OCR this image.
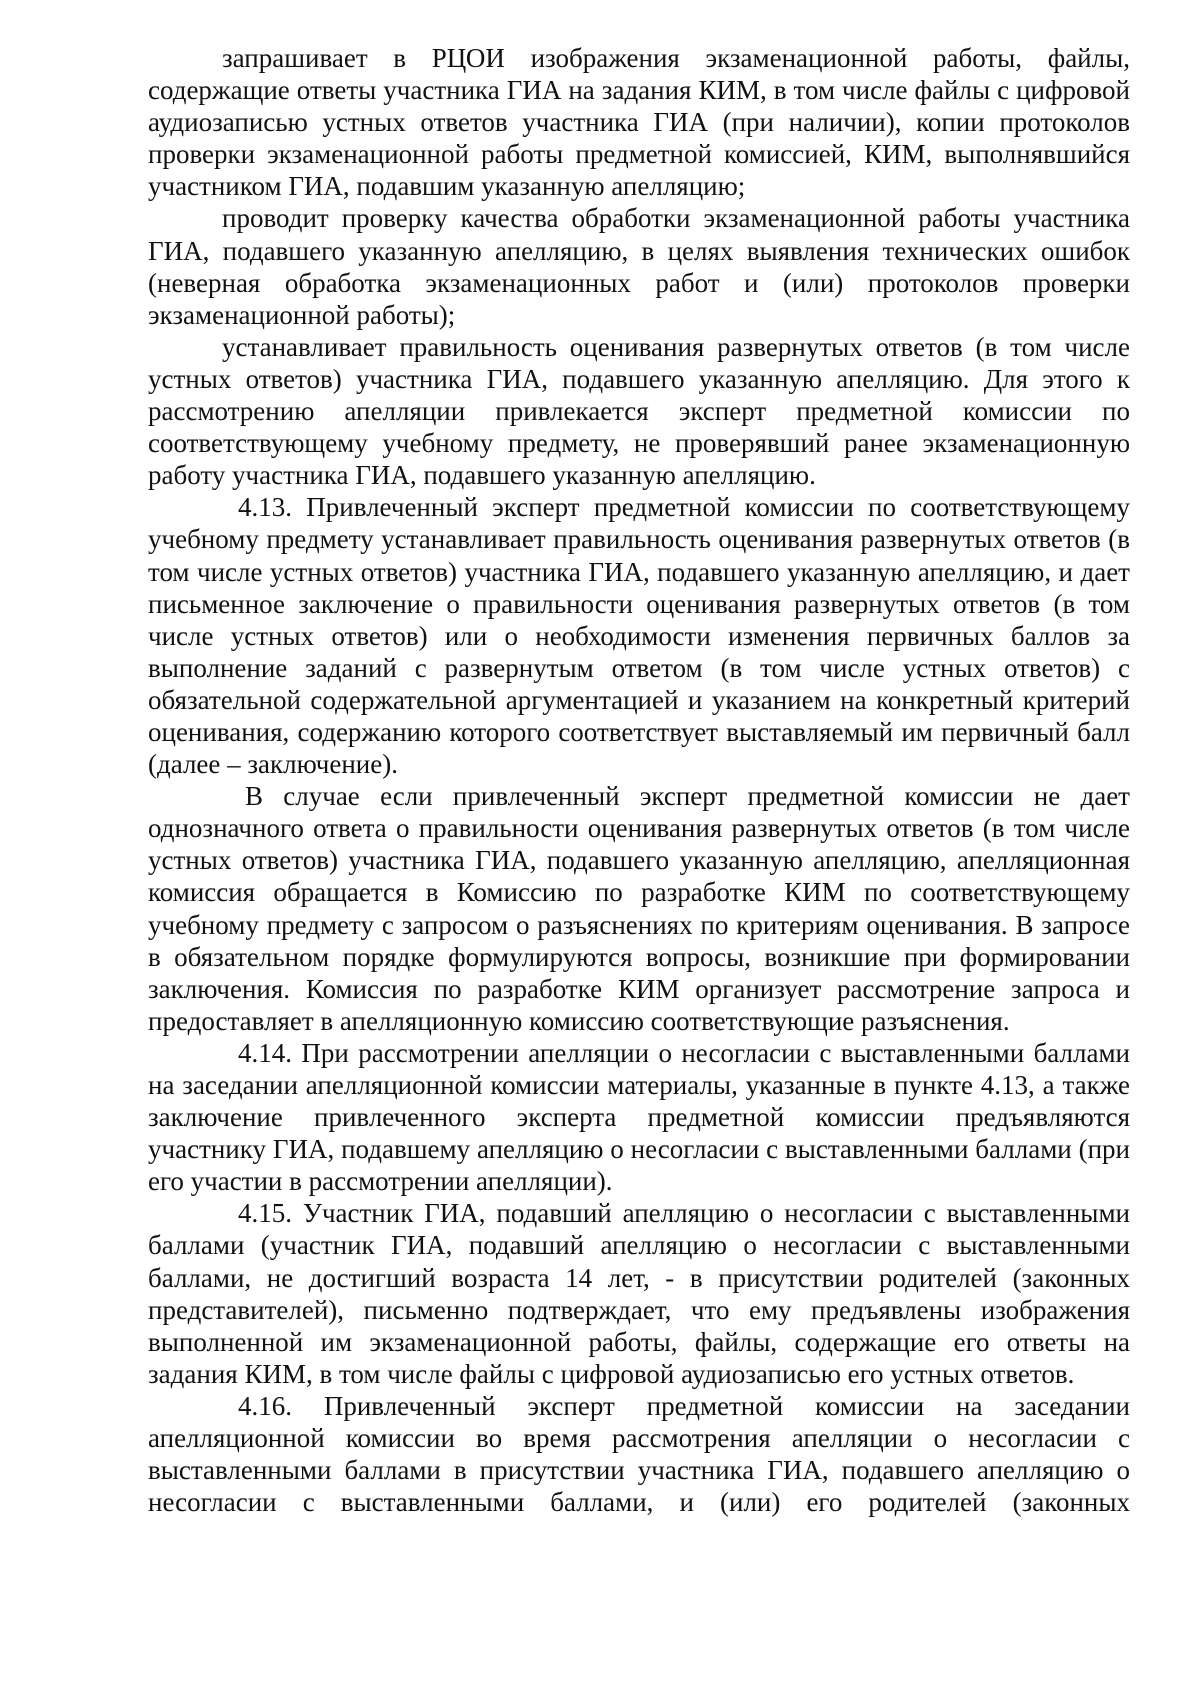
запрашивает в РЦОИ изображения экзаменационной работы, файлы, содержащие ответы участника ГИА на задания КИМ, в том числе файлы с цифровой аудиозаписью устных ответов участника ГИА (при наличии), копии протоколов проверки экзаменационной работы предметной комиссией, КИМ, выполнявшийся участником ГИА, подавшим указанную апелляцию;

проводит проверку качества обработки экзаменационной работы участника ГИА, подавшего указанную апелляцию, в целях выявления технических ошибок (неверная обработка экзаменационных работ и (или) протоколов проверки экзаменационной работы);

устанавливает правильность оценивания развернутых ответов (в том числе устных ответов) участника ГИА, подавшего указанную апелляцию. Для этого к рассмотрению апелляции привлекается эксперт предметной комиссии по соответствующему учебному предмету, не проверявший ранее экзаменационную работу участника ГИА, подавшего указанную апелляцию.

4.13. Привлеченный эксперт предметной комиссии по соответствующему учебному предмету устанавливает правильность оценивания развернутых ответов (в том числе устных ответов) участника ГИА, подавшего указанную апелляцию, и дает письменное заключение о правильности оценивания развернутых ответов (в том числе устных ответов) или о необходимости изменения первичных баллов за выполнение заданий с развернутым ответом (в том числе устных ответов) с обязательной содержательной аргументацией и указанием на конкретный критерий оценивания, содержанию которого соответствует выставляемый им первичный балл (далее – заключение).

В случае если привлеченный эксперт предметной комиссии не дает однозначного ответа о правильности оценивания развернутых ответов (в том числе устных ответов) участника ГИА, подавшего указанную апелляцию, апелляционная комиссия обращается в Комиссию по разработке КИМ по соответствующему учебному предмету с запросом о разъяснениях по критериям оценивания. В запросе в обязательном порядке формулируются вопросы, возникшие при формировании заключения. Комиссия по разработке КИМ организует рассмотрение запроса и предоставляет в апелляционную комиссию соответствующие разъяснения.

4.14. При рассмотрении апелляции о несогласии с выставленными баллами на заседании апелляционной комиссии материалы, указанные в пункте 4.13, а также заключение привлеченного эксперта предметной комиссии предъявляются участнику ГИА, подавшему апелляцию о несогласии с выставленными баллами (при его участии в рассмотрении апелляции).

4.15. Участник ГИА, подавший апелляцию о несогласии с выставленными баллами (участник ГИА, подавший апелляцию о несогласии с выставленными баллами, не достигший возраста 14 лет, - в присутствии родителей (законных представителей), письменно подтверждает, что ему предъявлены изображения выполненной им экзаменационной работы, файлы, содержащие его ответы на задания КИМ, в том числе файлы с цифровой аудиозаписью его устных ответов.

4.16. Привлеченный эксперт предметной комиссии на заседании апелляционной комиссии во время рассмотрения апелляции о несогласии с выставленными баллами в присутствии участника ГИА, подавшего апелляцию о несогласии с выставленными баллами, и (или) его родителей (законных
